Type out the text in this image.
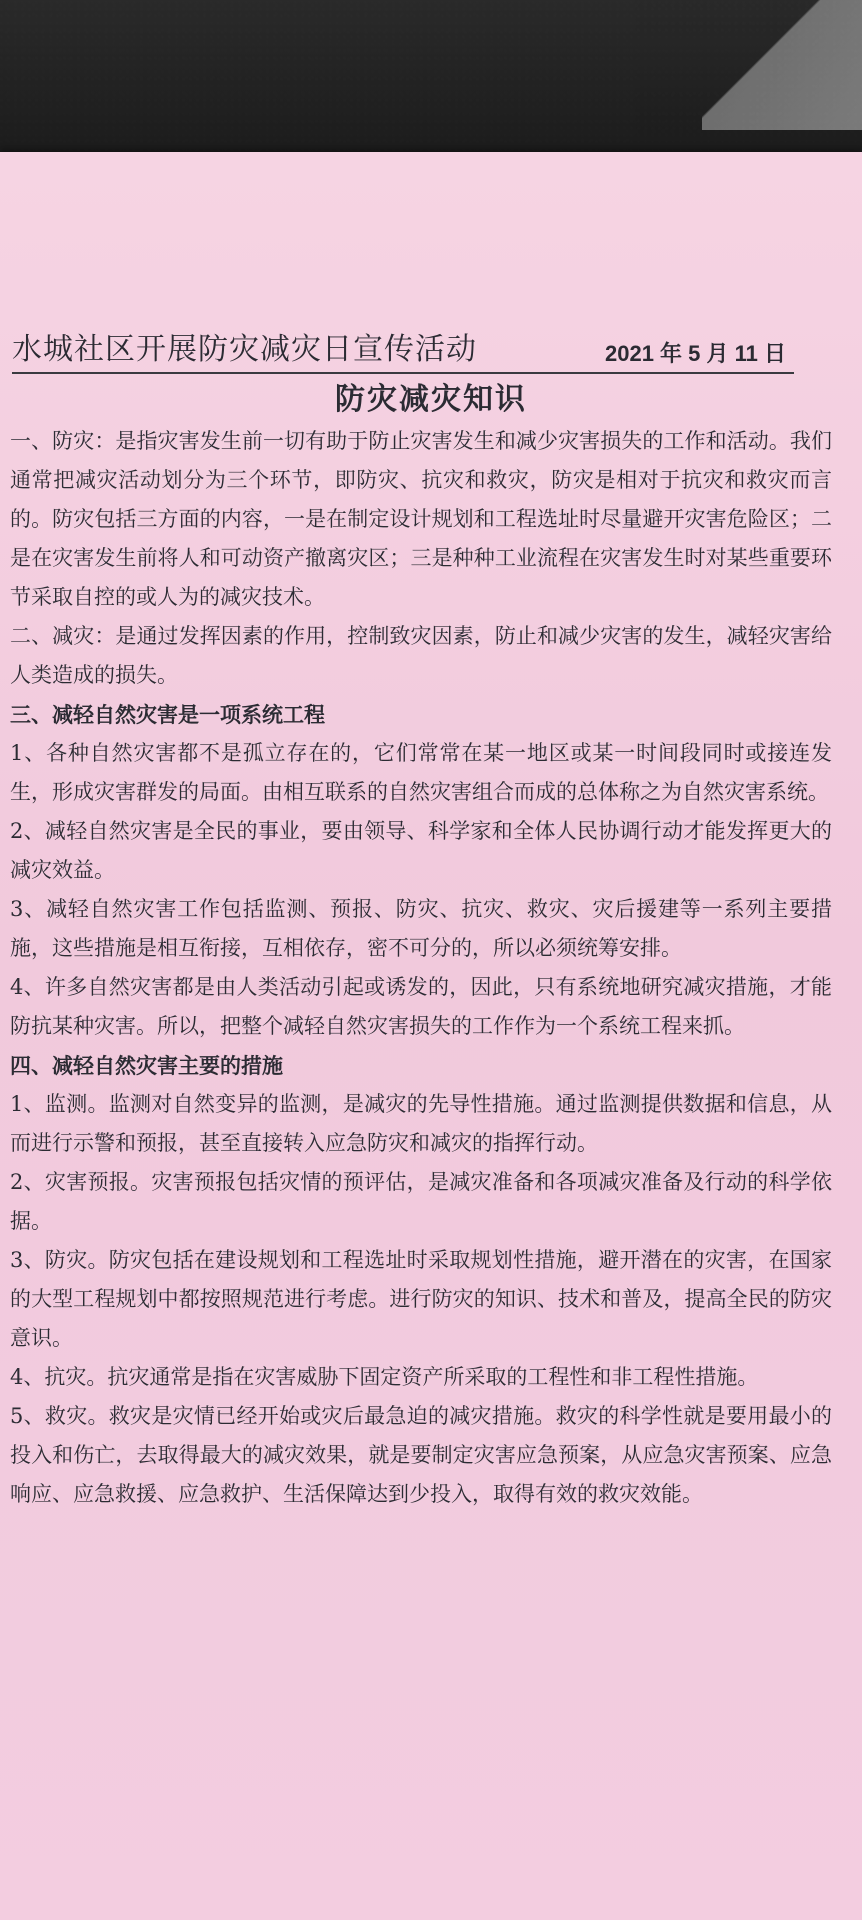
水城社区开展防灾减灾日宣传活动	2021 年 5 月 11 日
防灾减灾知识

一、防灾：是指灾害发生前一切有助于防止灾害发生和减少灾害损失的工作和活动。我们通常把减灾活动划分为三个环节，即防灾、抗灾和救灾，防灾是相对于抗灾和救灾而言的。防灾包括三方面的内容，一是在制定设计规划和工程选址时尽量避开灾害危险区；二是在灾害发生前将人和可动资产撤离灾区；三是种种工业流程在灾害发生时对某些重要环节采取自控的或人为的减灾技术。

二、减灾：是通过发挥因素的作用，控制致灾因素，防止和减少灾害的发生，减轻灾害给人类造成的损失。

三、减轻自然灾害是一项系统工程

1、各种自然灾害都不是孤立存在的，它们常常在某一地区或某一时间段同时或接连发生，形成灾害群发的局面。由相互联系的自然灾害组合而成的总体称之为自然灾害系统。

2、减轻自然灾害是全民的事业，要由领导、科学家和全体人民协调行动才能发挥更大的减灾效益。

3、减轻自然灾害工作包括监测、预报、防灾、抗灾、救灾、灾后援建等一系列主要措施，这些措施是相互衔接，互相依存，密不可分的，所以必须统筹安排。

4、许多自然灾害都是由人类活动引起或诱发的，因此，只有系统地研究减灾措施，才能防抗某种灾害。所以，把整个减轻自然灾害损失的工作作为一个系统工程来抓。

四、减轻自然灾害主要的措施

1、监测。监测对自然变异的监测，是减灾的先导性措施。通过监测提供数据和信息，从而进行示警和预报，甚至直接转入应急防灾和减灾的指挥行动。

2、灾害预报。灾害预报包括灾情的预评估，是减灾准备和各项减灾准备及行动的科学依据。

3、防灾。防灾包括在建设规划和工程选址时采取规划性措施，避开潜在的灾害，在国家的大型工程规划中都按照规范进行考虑。进行防灾的知识、技术和普及，提高全民的防灾意识。

4、抗灾。抗灾通常是指在灾害威胁下固定资产所采取的工程性和非工程性措施。

5、救灾。救灾是灾情已经开始或灾后最急迫的减灾措施。救灾的科学性就是要用最小的投入和伤亡，去取得最大的减灾效果，就是要制定灾害应急预案，从应急灾害预案、应急响应、应急救援、应急救护、生活保障达到少投入，取得有效的救灾效能。
